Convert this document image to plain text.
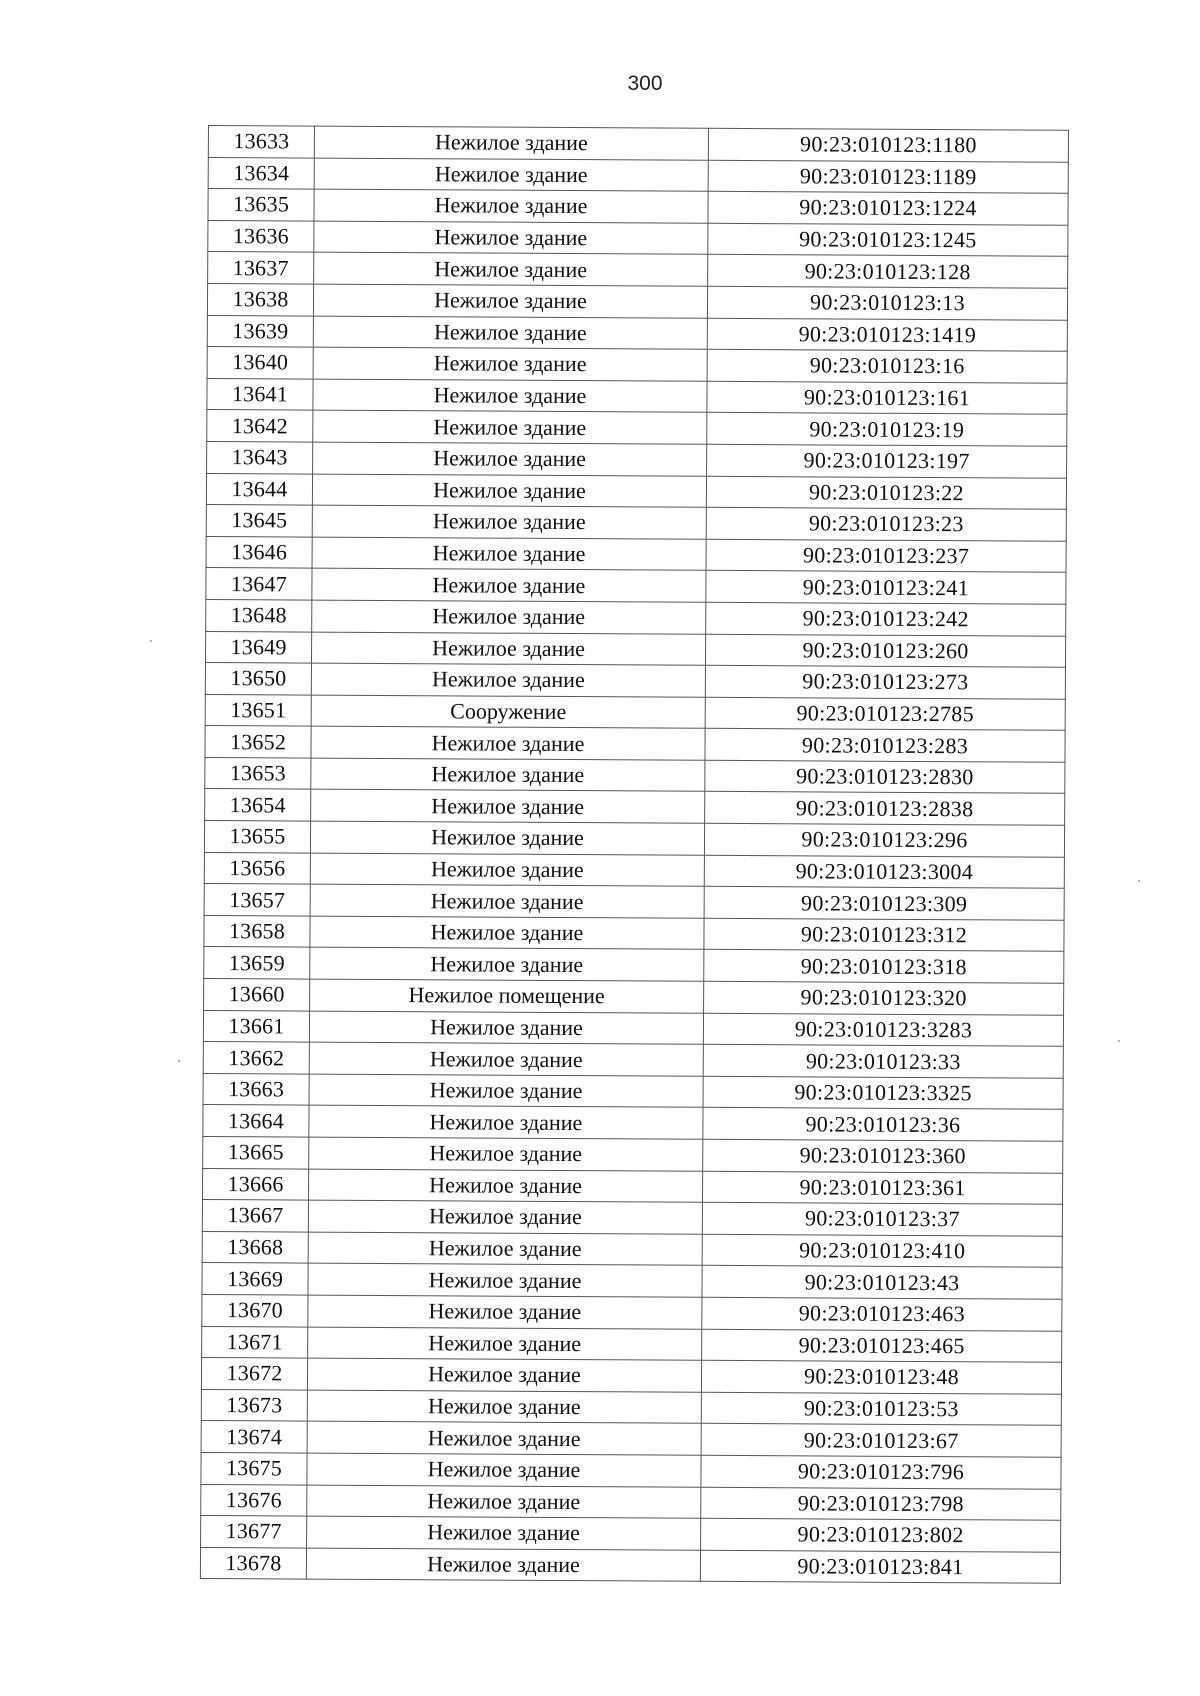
300
13633	Нежилое здание	90:23:010123:1180
13634	Нежилое здание	90:23:010123:1189
13635	Нежилое здание	90:23:010123:1224
13636	Нежилое здание	90:23:010123:1245
13637	Нежилое здание	90:23:010123:128
13638	Нежилое здание	90:23:010123:13
13639	Нежилое здание	90:23:010123:1419
13640	Нежилое здание	90:23:010123:16
13641	Нежилое здание	90:23:010123:161
13642	Нежилое здание	90:23:010123:19
13643	Нежилое здание	90:23:010123:197
13644	Нежилое здание	90:23:010123:22
13645	Нежилое здание	90:23:010123:23
13646	Нежилое здание	90:23:010123:237
13647	Нежилое здание	90:23:010123:241
13648	Нежилое здание	90:23:010123:242
13649	Нежилое здание	90:23:010123:260
13650	Нежилое здание	90:23:010123:273
13651	Сооружение	90:23:010123:2785
13652	Нежилое здание	90:23:010123:283
13653	Нежилое здание	90:23:010123:2830
13654	Нежилое здание	90:23:010123:2838
13655	Нежилое здание	90:23:010123:296
13656	Нежилое здание	90:23:010123:3004
13657	Нежилое здание	90:23:010123:309
13658	Нежилое здание	90:23:010123:312
13659	Нежилое здание	90:23:010123:318
13660	Нежилое помещение	90:23:010123:320
13661	Нежилое здание	90:23:010123:3283
13662	Нежилое здание	90:23:010123:33
13663	Нежилое здание	90:23:010123:3325
13664	Нежилое здание	90:23:010123:36
13665	Нежилое здание	90:23:010123:360
13666	Нежилое здание	90:23:010123:361
13667	Нежилое здание	90:23:010123:37
13668	Нежилое здание	90:23:010123:410
13669	Нежилое здание	90:23:010123:43
13670	Нежилое здание	90:23:010123:463
13671	Нежилое здание	90:23:010123:465
13672	Нежилое здание	90:23:010123:48
13673	Нежилое здание	90:23:010123:53
13674	Нежилое здание	90:23:010123:67
13675	Нежилое здание	90:23:010123:796
13676	Нежилое здание	90:23:010123:798
13677	Нежилое здание	90:23:010123:802
13678	Нежилое здание	90:23:010123:841
